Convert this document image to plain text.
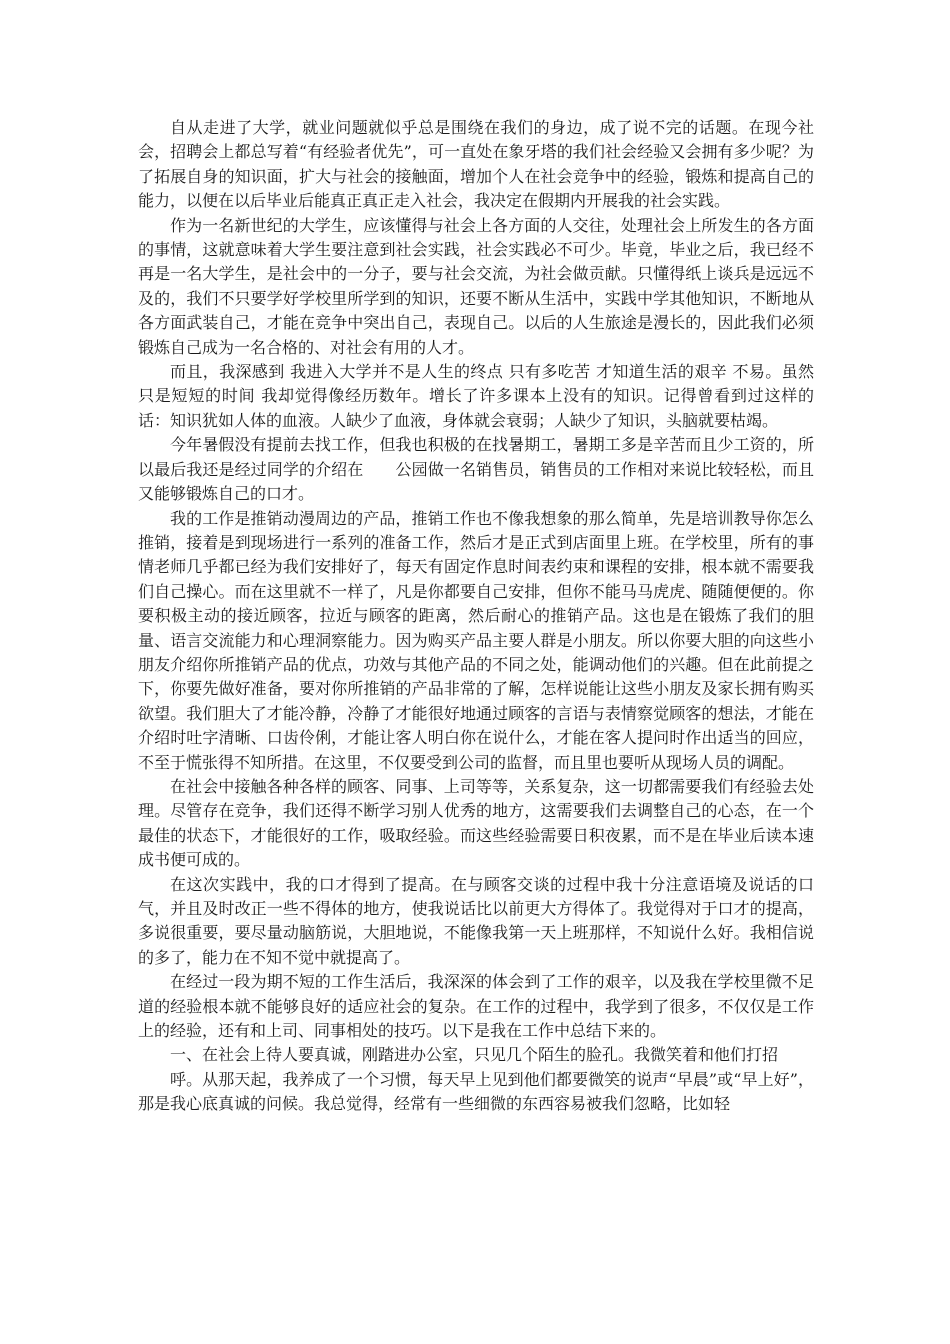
自从走进了大学，就业问题就似乎总是围绕在我们的身边，成了说不完的话题。在现今社会，招聘会上都总写着“有经验者优先”，可一直处在象牙塔的我们社会经验又会拥有多少呢？为了拓展自身的知识面，扩大与社会的接触面，增加个人在社会竞争中的经验，锻炼和提高自己的能力，以便在以后毕业后能真正真正走入社会，我决定在假期内开展我的社会实践。

作为一名新世纪的大学生，应该懂得与社会上各方面的人交往，处理社会上所发生的各方面的事情，这就意味着大学生要注意到社会实践，社会实践必不可少。毕竟，毕业之后，我已经不再是一名大学生，是社会中的一分子，要与社会交流，为社会做贡献。只懂得纸上谈兵是远远不及的，我们不只要学好学校里所学到的知识，还要不断从生活中，实践中学其他知识，不断地从各方面武装自己，才能在竞争中突出自己，表现自己。以后的人生旅途是漫长的，因此我们必须锻炼自己成为一名合格的、对社会有用的人才。

而且，我深感到 我进入大学并不是人生的终点 只有多吃苦 才知道生活的艰辛 不易。虽然只是短短的时间 我却觉得像经历数年。增长了许多课本上没有的知识。记得曾看到过这样的话：知识犹如人体的血液。人缺少了血液，身体就会衰弱；人缺少了知识，头脑就要枯竭。

今年暑假没有提前去找工作，但我也积极的在找暑期工，暑期工多是辛苦而且少工资的，所以最后我还是经过同学的介绍在　　公园做一名销售员，销售员的工作相对来说比较轻松，而且又能够锻炼自己的口才。

我的工作是推销动漫周边的产品，推销工作也不像我想象的那么简单，先是培训教导你怎么推销，接着是到现场进行一系列的准备工作，然后才是正式到店面里上班。在学校里，所有的事情老师几乎都已经为我们安排好了，每天有固定作息时间表约束和课程的安排，根本就不需要我们自己操心。而在这里就不一样了，凡是你都要自己安排，但你不能马马虎虎、随随便便的。你要积极主动的接近顾客，拉近与顾客的距离，然后耐心的推销产品。这也是在锻炼了我们的胆量、语言交流能力和心理洞察能力。因为购买产品主要人群是小朋友。所以你要大胆的向这些小朋友介绍你所推销产品的优点，功效与其他产品的不同之处，能调动他们的兴趣。但在此前提之下，你要先做好准备，要对你所推销的产品非常的了解，怎样说能让这些小朋友及家长拥有购买欲望。我们胆大了才能冷静，冷静了才能很好地通过顾客的言语与表情察觉顾客的想法，才能在介绍时吐字清晰、口齿伶俐，才能让客人明白你在说什么，才能在客人提问时作出适当的回应，不至于慌张得不知所措。在这里，不仅要受到公司的监督，而且里也要听从现场人员的调配。

在社会中接触各种各样的顾客、同事、上司等等，关系复杂，这一切都需要我们有经验去处理。尽管存在竞争，我们还得不断学习别人优秀的地方，这需要我们去调整自己的心态，在一个最佳的状态下，才能很好的工作，吸取经验。而这些经验需要日积夜累，而不是在毕业后读本速成书便可成的。

在这次实践中，我的口才得到了提高。在与顾客交谈的过程中我十分注意语境及说话的口气，并且及时改正一些不得体的地方，使我说话比以前更大方得体了。我觉得对于口才的提高，多说很重要，要尽量动脑筋说，大胆地说，不能像我第一天上班那样，不知说什么好。我相信说的多了，能力在不知不觉中就提高了。

在经过一段为期不短的工作生活后，我深深的体会到了工作的艰辛，以及我在学校里微不足道的经验根本就不能够良好的适应社会的复杂。在工作的过程中，我学到了很多，不仅仅是工作上的经验，还有和上司、同事相处的技巧。以下是我在工作中总结下来的。

一、在社会上待人要真诚，刚踏进办公室，只见几个陌生的脸孔。我微笑着和他们打招

呼。从那天起，我养成了一个习惯，每天早上见到他们都要微笑的说声“早晨”或“早上好”，那是我心底真诚的问候。我总觉得，经常有一些细微的东西容易被我们忽略，比如轻
